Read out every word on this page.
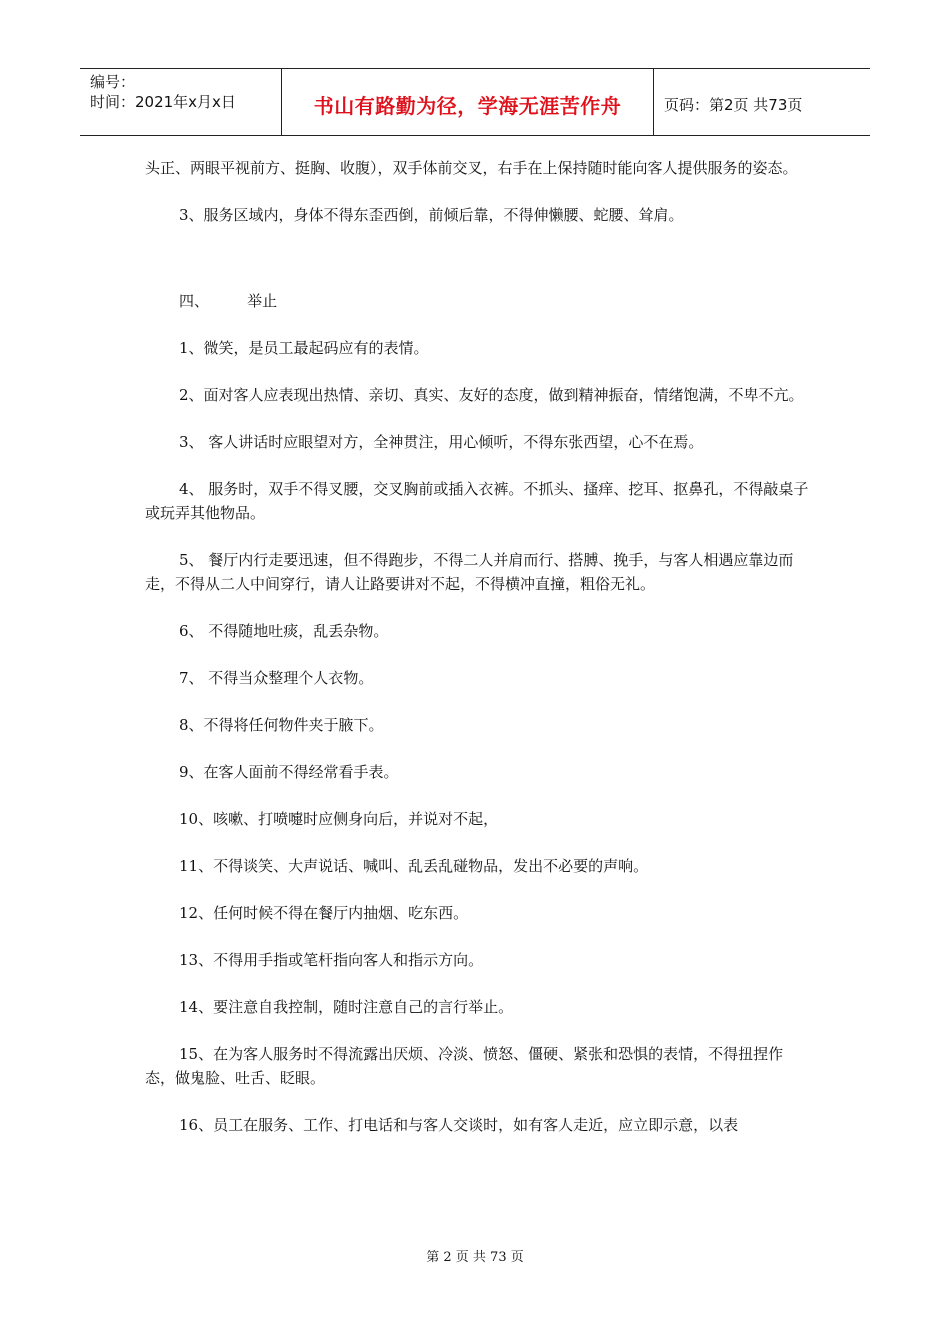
编号：
时间：2021年x月x日	书山有路勤为径，学海无涯苦作舟	页码：第2页 共73页

头正、两眼平视前方、挺胸、收腹），双手体前交叉，右手在上保持随时能向客人提供服务的姿态。

3、服务区域内，身体不得东歪西倒，前倾后靠，不得伸懒腰、蛇腰、耸肩。

四、        举止

1、微笑，是员工最起码应有的表情。

2、面对客人应表现出热情、亲切、真实、友好的态度，做到精神振奋，情绪饱满，不卑不亢。

3、 客人讲话时应眼望对方，全神贯注，用心倾听，不得东张西望，心不在焉。

4、 服务时，双手不得叉腰，交叉胸前或插入衣裤。不抓头、搔痒、挖耳、抠鼻孔，不得敲桌子或玩弄其他物品。

5、 餐厅内行走要迅速，但不得跑步，不得二人并肩而行、搭膊、挽手，与客人相遇应靠边而走，不得从二人中间穿行，请人让路要讲对不起，不得横冲直撞，粗俗无礼。

6、 不得随地吐痰，乱丢杂物。

7、 不得当众整理个人衣物。

8、不得将任何物件夹于腋下。

9、在客人面前不得经常看手表。

10、咳嗽、打喷嚏时应侧身向后，并说对不起，

11、不得谈笑、大声说话、喊叫、乱丢乱碰物品，发出不必要的声响。

12、任何时候不得在餐厅内抽烟、吃东西。

13、不得用手指或笔杆指向客人和指示方向。

14、要注意自我控制，随时注意自己的言行举止。

15、在为客人服务时不得流露出厌烦、冷淡、愤怒、僵硬、紧张和恐惧的表情，不得扭捏作态，做鬼脸、吐舌、眨眼。

16、员工在服务、工作、打电话和与客人交谈时，如有客人走近，应立即示意，以表

第 2 页 共 73 页
